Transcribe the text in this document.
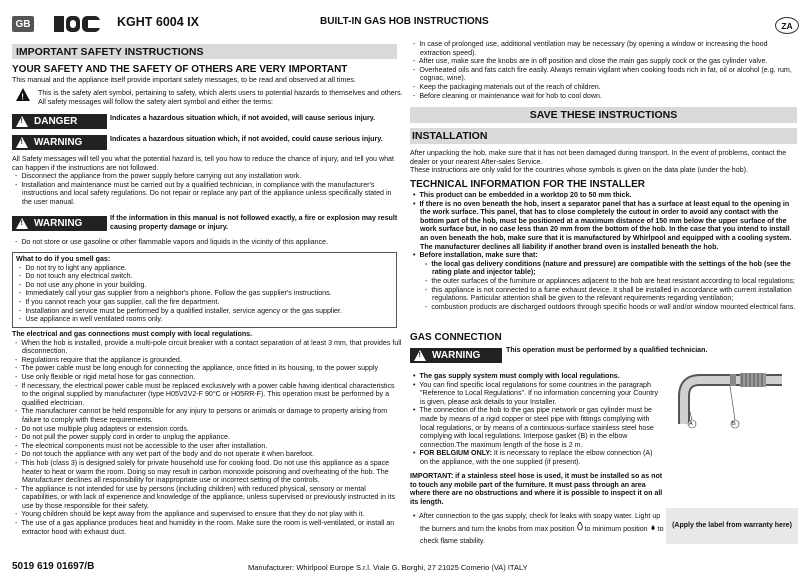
GB	KGHT 6004 IX	BUILT-IN GAS HOB INSTRUCTIONS	ZA
IMPORTANT SAFETY INSTRUCTIONS
YOUR SAFETY AND THE SAFETY OF OTHERS ARE VERY IMPORTANT
This manual and the appliance itself provide important safety messages, to be read and observed at all times.
! This is the safety alert symbol, pertaining to safety, which alerts users to potential hazards to themselves and others.

All safety messages will follow the safety alert symbol and either the terms:

! DANGER	Indicates a hazardous situation which, if not avoided, will cause serious injury.
! WARNING	Indicates a hazardous situation which, if not avoided, could cause serious injury.

All Safety messages will tell you what the potential hazard is, tell you how to reduce the chance of injury, and tell you what can happen if the instructions are not followed.

-  Disconnect the appliance from the power supply before carrying out any installation work.

-  Installation and maintenance must be carried out by a qualified technician, in compliance with the manufacturer's instructions and local safety regulations. Do not repair or replace any part of the appliance unless specifically stated in the user manual.

! WARNING	If the information in this manual is not followed exactly, a fire or explosion may result causing property damage or injury.

-  Do not store or use gasoline or other flammable vapors and liquids in the vicinity of this appliance.

What to do if you smell gas:

-  Do not try to light any appliance.

-  Do not touch any electrical switch.

-  Do not use any phone in your building.

-  Immediately call your gas supplier from a neighbor's phone. Follow the gas supplier's instructions.

-  If you cannot reach your gas supplier, call the fire department.

-  Installation and service must be performed by a qualified installer, service agency or the gas supplier.

-  Use appliance in well ventilated rooms only.

The electrical and gas connections must comply with local regulations.

-  When the hob is installed, provide a multi-pole circuit breaker with a contact separation of at least 3 mm, that provides full disconnection.

-  Regulations require that the appliance is grounded.

-  The power cable must be long enough for connecting the appliance, once fitted in its housing, to the power supply

-  Use only flexible or rigid metal hose for gas connection.

-  If necessary, the electrical power cable must be replaced exclusively with a power cable having identical characteristics to the original supplied by manufacturer (type H05V2V2-F 90°C or H05RR-F). This operation must be performed by a qualified electrician.

-  The manufacturer cannot be held responsible for any injury to persons or animals or damage to property arising from failure to comply with these requirements.

-  Do not use multiple plug adapters or extension cords.

-  Do not pull the power supply cord in order to unplug the appliance.

-  The electrical components must not be accessible to the user after installation.

-  Do not touch the appliance with any wet part of the body and do not operate it when barefoot.

-  This hob (class 3) is designed solely for private household use for cooking food. Do not use this appliance as a space heater to heat or warm the room. Doing so may result in carbon monoxide poisoning and overheating of the hob. The Manufacturer declines all responsibility for inappropriate use or incorrect setting of the controls.

-  The appliance is not intended for use by persons (including children) with reduced physical, sensory or mental capabilities, or with lack of experience and knowledge of the appliance, unless supervised or previously instructed in its use by those responsible for their safety.

-  Young children should be kept away from the appliance and supervised to ensure that they do not play with it.

-  The use of a gas appliance produces heat and humidity in the room. Make sure the room is well-ventilated, or install an extractor hood with exhaust duct.

-  In case of prolonged use, additional ventilation may be necessary (by opening a window or increasing the hood extraction speed).

-  After use, make sure the knobs are in off position and close the main gas supply cock or the gas cylinder valve.

-  Overheated oils and fats catch fire easily. Always remain vigilant when cooking foods rich in fat, oil or alcohol (e.g. rum, cognac, wine).

-  Keep the packaging materials out of the reach of children.

-  Before cleaning or maintenance wait for hob to cool down.

SAVE THESE INSTRUCTIONS
INSTALLATION

After unpacking the hob, make sure that it has not been damaged during transport. In the event of problems, contact the dealer or your nearest After-sales Service.

These instructions are only valid for the countries whose symbols is given on the data plate (under the hob).

TECHNICAL INFORMATION FOR THE INSTALLER

•  This product can be embedded in a worktop 20 to 50 mm thick.

•  If there is no oven beneath the hob, insert a separator panel that has a surface at least equal to the opening in the work surface. This panel, that has to close completely the cutout in order to avoid any contact with the bottom part of the hob, must be positioned at a maximum distance of 150 mm below the upper surface of the work surface but, in no case less than 20 mm from the bottom of the hob. In the case that you intend to install an oven beneath the hob, make sure that it is manufactured by Whirlpool and equipped with a cooling system. The manufacturer declines all liability if another brand oven is installed beneath the hob.

•  Before installation, make sure that:

-  the local gas delivery conditions (nature and pressure) are compatible with the settings of the hob (see the rating plate and injector table);

-  the outer surfaces of the furniture or appliances adjacent to the hob are heat resistant according to local regulations;

-  this appliance is not connected to a fume exhaust device. It shall be installed in accordance with current installation regulations. Particular attention shall be given to the relevant requirements regarding ventilation;

-  combustion products are discharged outdoors through specific hoods or wall and/or window mounted electrical fans.

GAS CONNECTION
! WARNING	This operation must be performed by a qualified technician.

•  The gas supply system must comply with local regulations.

•  You can find specific local regulations for some countries in the paragraph "Reference to Local Regulations". If no information concerning your Country is given, please ask details to your Installer.

•  The connection of the hob to the gas pipe network or gas cylinder must be made by means of a rigid copper or steel pipe with fittings complying with local regulations, or by means of a continuous-surface stainless steel hose complying with local regulations. Interpose gasket (B) in the elbow connection.The maximum length of the hose is 2 m.

•  FOR BELGIUM ONLY: It is necessary to replace the elbow connection (A) on the appliance, with the one supplied (if present).

A	B
IMPORTANT: if a stainless steel hose is used, it must be installed so as not to touch any mobile part of the furniture. It must pass through an area where there are no obstructions and where it is possible to inspect it on all its length.

•  After connection to the gas supply, check for leaks with soapy water. Light up the burners and turn the knobs from max position to minimum position to check flame stability.

(Apply the label from warranty here)
5019 619 01697/B	Manufacturer: Whirlpool Europe S.r.l. Viale G. Borghi, 27 21025 Comerio (VA) ITALY
